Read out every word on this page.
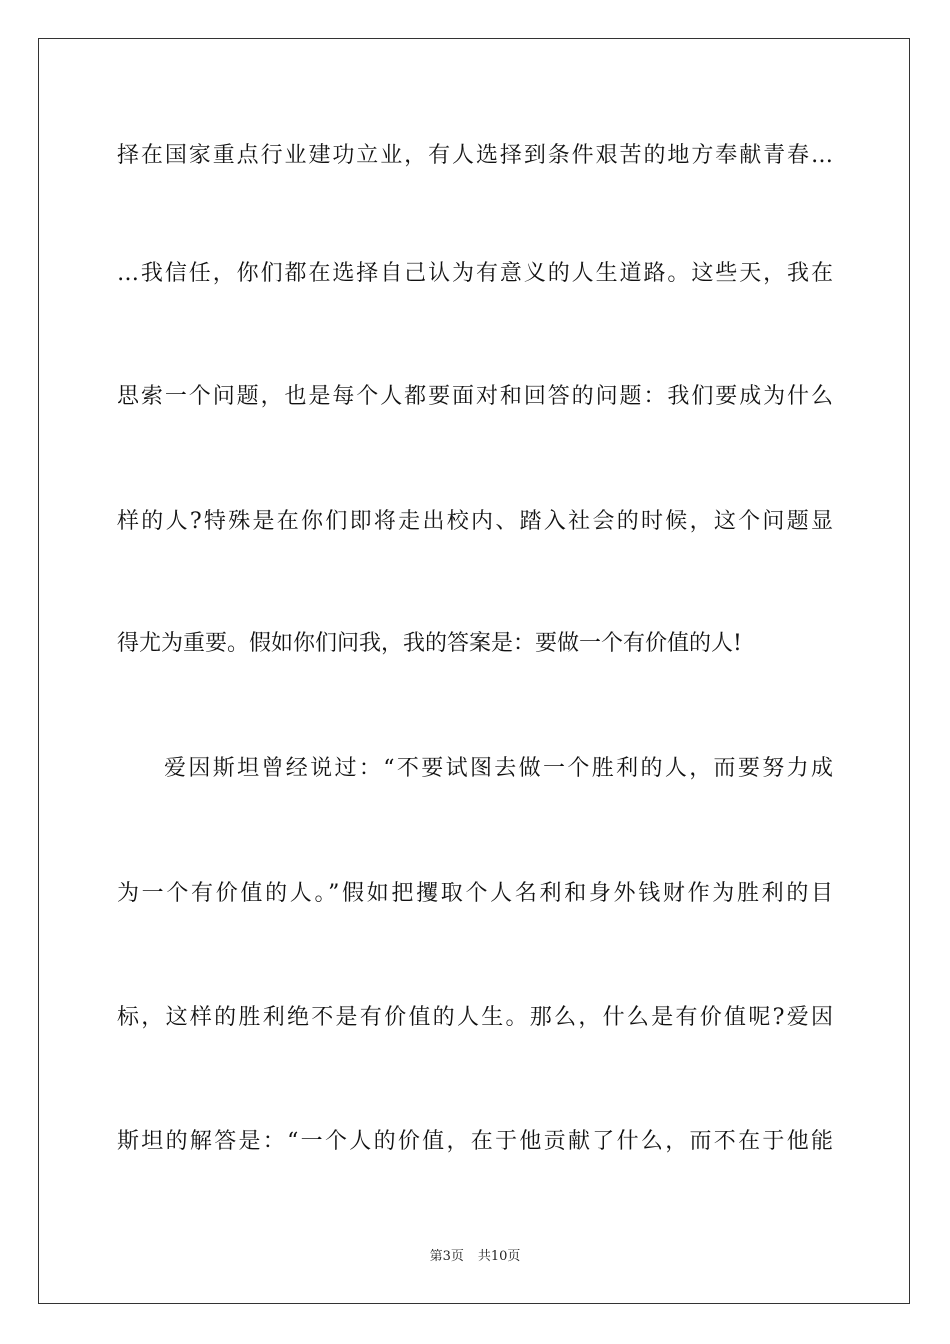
择在国家重点行业建功立业，有人选择到条件艰苦的地方奉献青春…
…我信任，你们都在选择自己认为有意义的人生道路。这些天，我在
思索一个问题，也是每个人都要面对和回答的问题：我们要成为什么
样的人?特殊是在你们即将走出校内、踏入社会的时候，这个问题显
得尤为重要。假如你们问我，我的答案是：要做一个有价值的人!
爱因斯坦曾经说过：“不要试图去做一个胜利的人，而要努力成
为一个有价值的人。”假如把攫取个人名利和身外钱财作为胜利的目
标，这样的胜利绝不是有价值的人生。那么，什么是有价值呢?爱因
斯坦的解答是：“一个人的价值，在于他贡献了什么，而不在于他能
第3页 共10页
